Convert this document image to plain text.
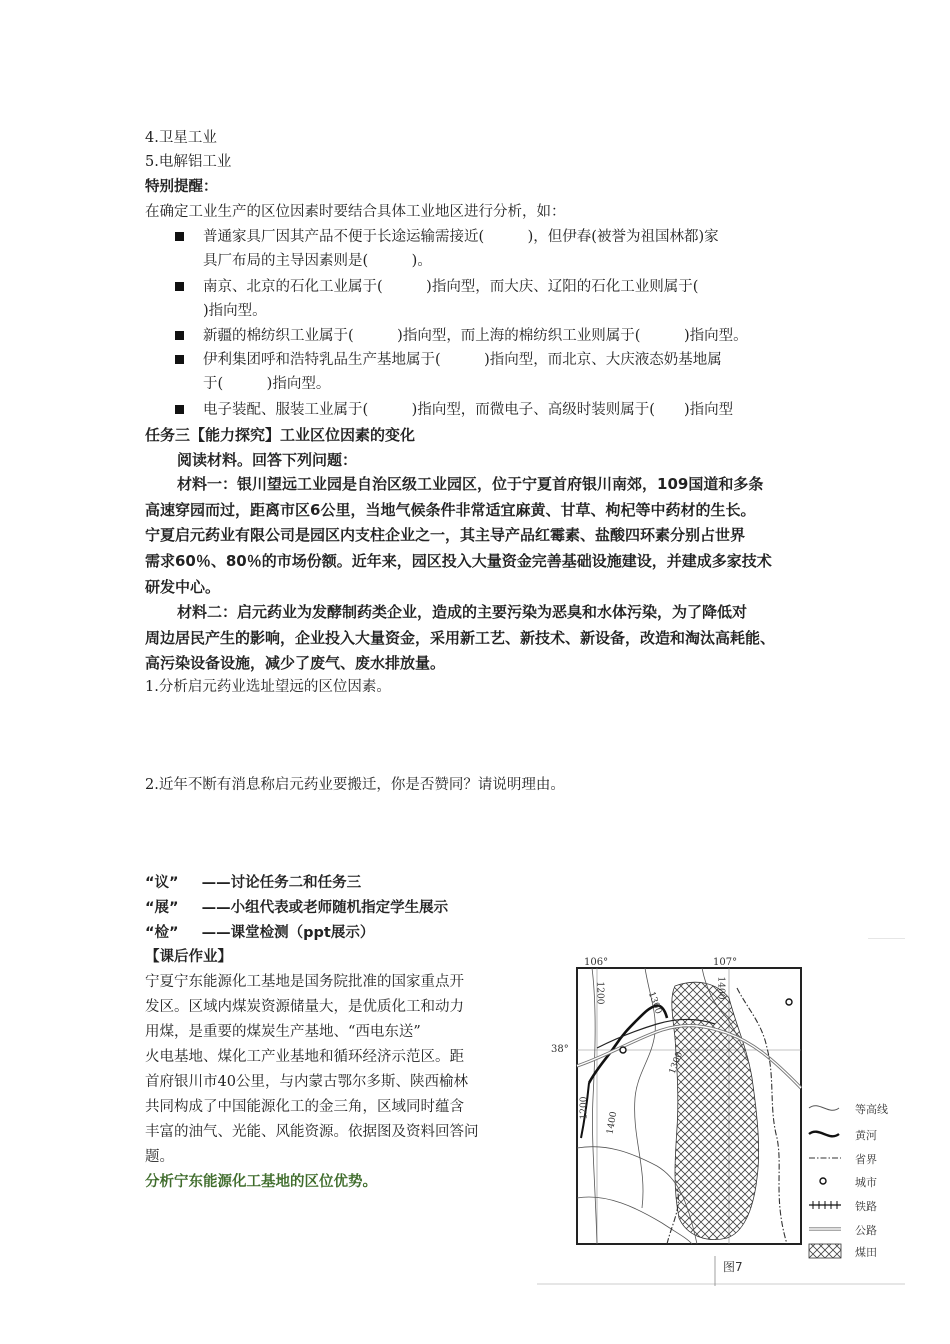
4.卫星工业
5.电解铝工业
特别提醒：
在确定工业生产的区位因素时要结合具体工业地区进行分析，如：
普通家具厂因其产品不便于长途运输需接近(　　　)，但伊春(被誉为祖国林都)家
具厂布局的主导因素则是(　　　)。
南京、北京的石化工业属于(　　　)指向型，而大庆、辽阳的石化工业则属于(
)指向型。
新疆的棉纺织工业属于(　　　)指向型，而上海的棉纺织工业则属于(　　　)指向型。
伊利集团呼和浩特乳品生产基地属于(　　　)指向型，而北京、大庆液态奶基地属
于(　　　)指向型。
电子装配、服装工业属于(　　　)指向型，而微电子、高级时装则属于(　　)指向型
任务三【能力探究】工业区位因素的变化
阅读材料。回答下列问题：
材料一：银川望远工业园是自治区级工业园区，位于宁夏首府银川南郊，109国道和多条
高速穿园而过，距离市区6公里，当地气候条件非常适宜麻黄、甘草、枸杞等中药材的生长。
宁夏启元药业有限公司是园区内支柱企业之一，其主导产品红霉素、盐酸四环素分别占世界
需求60％、80％的市场份额。近年来，园区投入大量资金完善基础设施建设，并建成多家技术
研发中心。
材料二：启元药业为发酵制药类企业，造成的主要污染为恶臭和水体污染，为了降低对
周边居民产生的影响，企业投入大量资金，采用新工艺、新技术、新设备，改造和淘汰高耗能、
高污染设备设施，减少了废气、废水排放量。
1.分析启元药业选址望远的区位因素。
2.近年不断有消息称启元药业要搬迁，你是否赞同？请说明理由。
“议” ——讨论任务二和任务三
“展” ——小组代表或老师随机指定学生展示
“检” ——课堂检测（ppt展示）
【课后作业】
宁夏宁东能源化工基地是国务院批准的国家重点开
发区。区域内煤炭资源储量大，是优质化工和动力
用煤，是重要的煤炭生产基地、“西电东送”
火电基地、煤化工产业基地和循环经济示范区。距
首府银川市40公里，与内蒙古鄂尔多斯、陕西榆林
共同构成了中国能源化工的金三角，区域同时蕴含
丰富的油气、光能、风能资源。依据图及资料回答问
题。
分析宁东能源化工基地的区位优势。
106°	107°
38°
1200	1300
1300
1400
1200
1400
等高线
黄河
省界
城市
铁路
公路
煤田
图7
